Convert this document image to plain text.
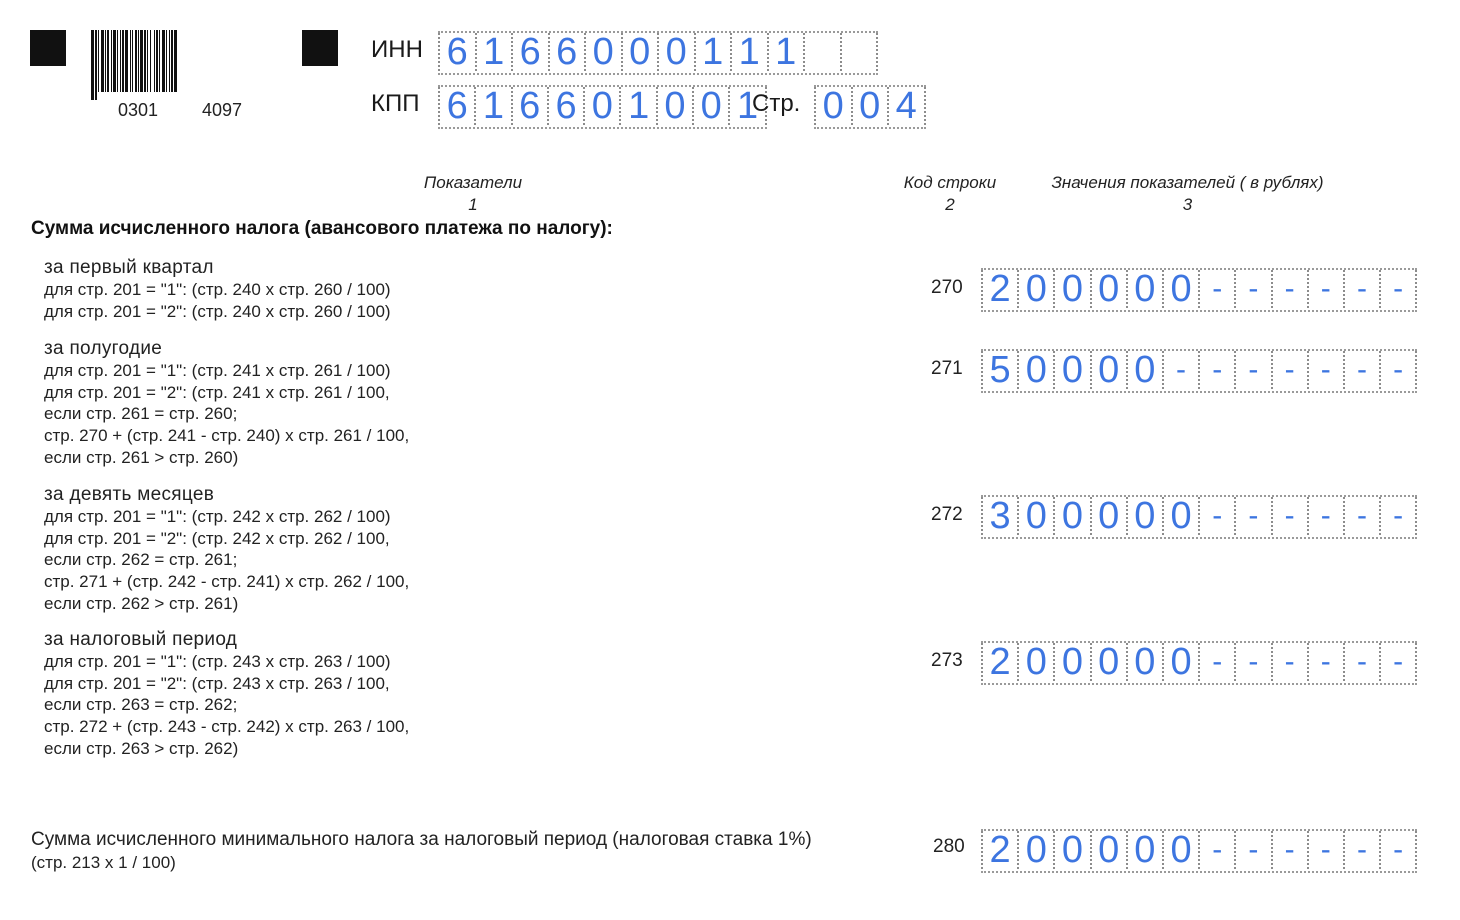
0301 4097
ИНН 6 1 6 6 0 0 0 1 1 1
КПП 6 1 6 6 0 1 0 0 1
Стр. 0 0 4
Показатели
1
Код строки
2
Значения показателей ( в рублях)
3
Сумма исчисленного налога (авансового платежа по налогу):
за первый квартал
для стр. 201 = "1": (стр. 240 х стр. 260 / 100)
для стр. 201 = "2": (стр. 240 х стр. 260 / 100)
270 2 0 0 0 0 0 - - - - - -
за полугодие
для стр. 201 = "1": (стр. 241 х стр. 261 / 100)
для стр. 201 = "2": (стр. 241 х стр. 261 / 100,
если стр. 261 = стр. 260;
стр. 270 + (стр. 241 - стр. 240) х стр. 261 / 100,
если стр. 261 > стр. 260)
271 5 0 0 0 0 - - - - - - -
за девять месяцев
для стр. 201 = "1": (стр. 242 х стр. 262 / 100)
для стр. 201 = "2": (стр. 242 х стр. 262 / 100,
если стр. 262 = стр. 261;
стр. 271 + (стр. 242 - стр. 241) х стр. 262 / 100,
если стр. 262 > стр. 261)
272 3 0 0 0 0 0 - - - - - -
за налоговый период
для стр. 201 = "1": (стр. 243 х стр. 263 / 100)
для стр. 201 = "2": (стр. 243 х стр. 263 / 100,
если стр. 263 = стр. 262;
стр. 272 + (стр. 243 - стр. 242) х стр. 263 / 100,
если стр. 263 > стр. 262)
273 2 0 0 0 0 0 - - - - - -
Сумма исчисленного минимального налога за налоговый период (налоговая ставка 1%)
(стр. 213 х 1 / 100)
280 2 0 0 0 0 0 - - - - - -
